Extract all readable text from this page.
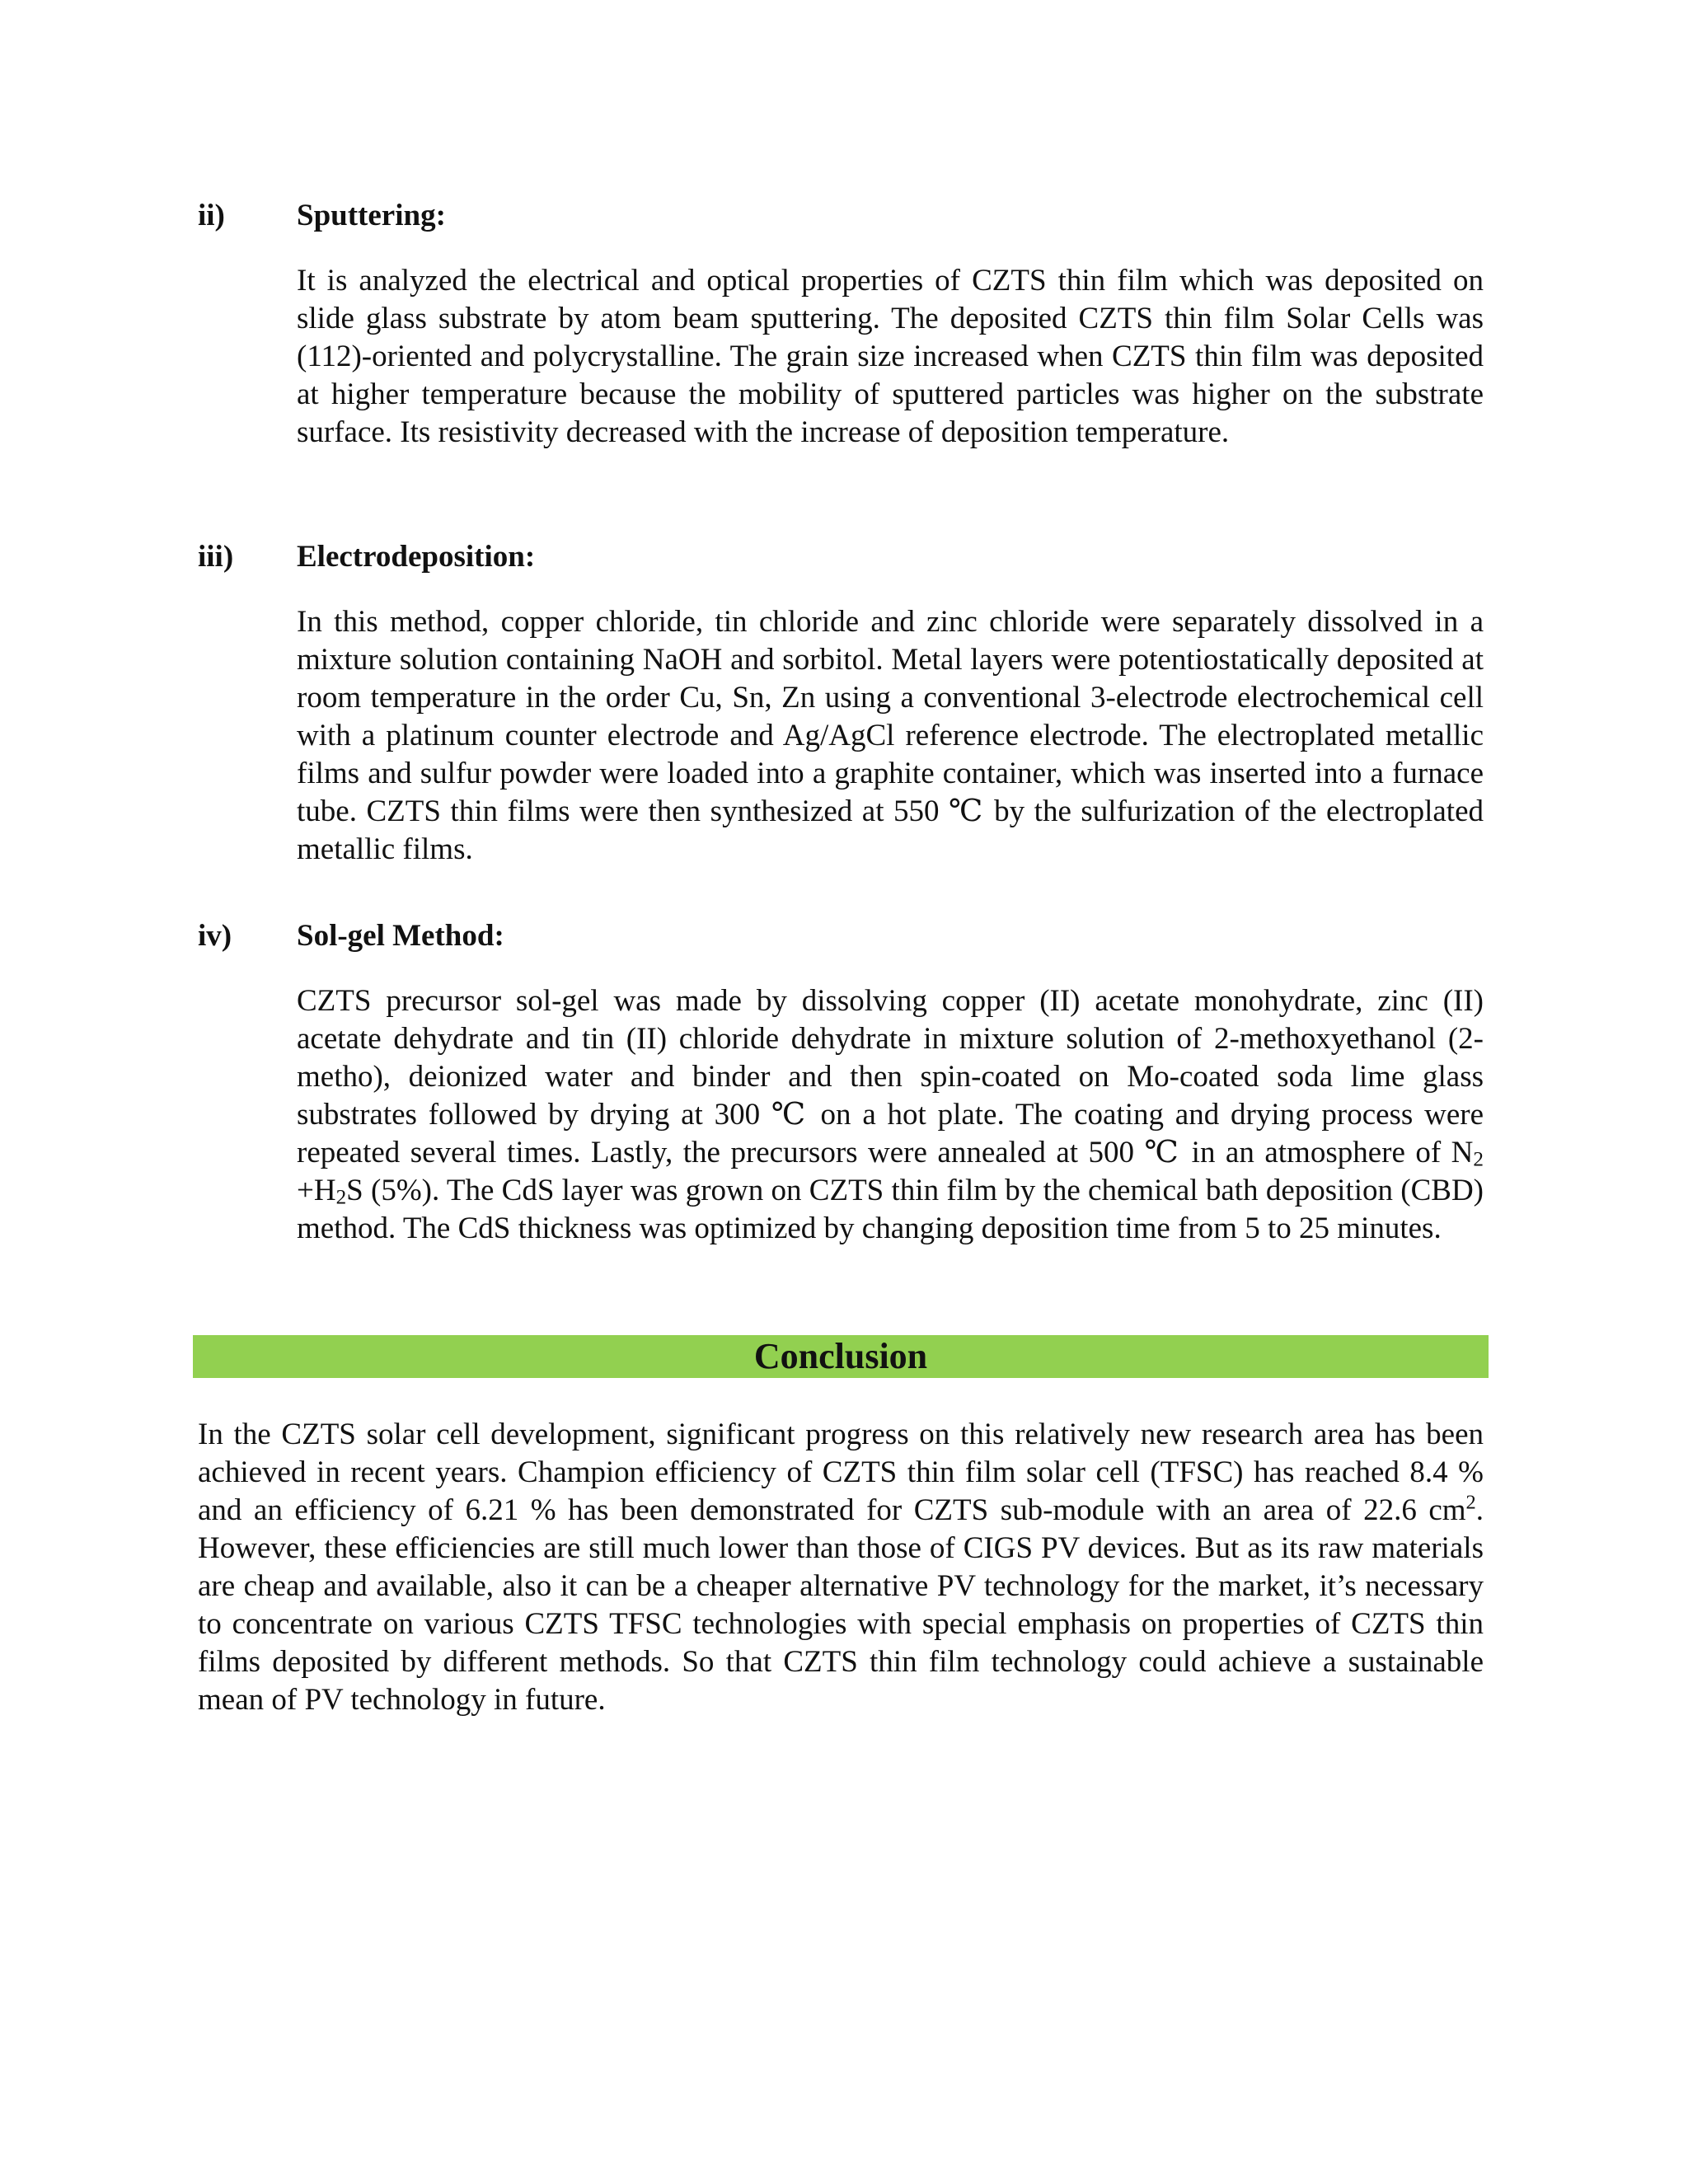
ii) Sputtering:
It is analyzed the electrical and optical properties of CZTS thin film which was deposited on slide glass substrate by atom beam sputtering. The deposited CZTS thin film Solar Cells was (112)-oriented and polycrystalline. The grain size increased when CZTS thin film was deposited at higher temperature because the mobility of sputtered particles was higher on the substrate surface. Its resistivity decreased with the increase of deposition temperature.
iii) Electrodeposition:
In this method, copper chloride, tin chloride and zinc chloride were separately dissolved in a mixture solution containing NaOH and sorbitol. Metal layers were potentiostatically deposited at room temperature in the order Cu, Sn, Zn using a conventional 3-electrode electrochemical cell with a platinum counter electrode and Ag/AgCl reference electrode. The electroplated metallic films and sulfur powder were loaded into a graphite container, which was inserted into a furnace tube. CZTS thin films were then synthesized at 550 ℃ by the sulfurization of the electroplated metallic films.
iv) Sol-gel Method:
CZTS precursor sol-gel was made by dissolving copper (II) acetate monohydrate, zinc (II) acetate dehydrate and tin (II) chloride dehydrate in mixture solution of 2-methoxyethanol (2-metho), deionized water and binder and then spin-coated on Mo-coated soda lime glass substrates followed by drying at 300 ℃ on a hot plate. The coating and drying process were repeated several times. Lastly, the precursors were annealed at 500 ℃ in an atmosphere of $N_2 +H_2S$ (5%). The CdS layer was grown on CZTS thin film by the chemical bath deposition (CBD) method. The CdS thickness was optimized by changing deposition time from 5 to 25 minutes.
Conclusion
In the CZTS solar cell development, significant progress on this relatively new research area has been achieved in recent years. Champion efficiency of CZTS thin film solar cell (TFSC) has reached 8.4 % and an efficiency of 6.21 % has been demonstrated for CZTS sub-module with an area of 22.6 $cm^2$. However, these efficiencies are still much lower than those of CIGS PV devices. But as its raw materials are cheap and available, also it can be a cheaper alternative PV technology for the market, it’s necessary to concentrate on various CZTS TFSC technologies with special emphasis on properties of CZTS thin films deposited by different methods. So that CZTS thin film technology could achieve a sustainable mean of PV technology in future.
